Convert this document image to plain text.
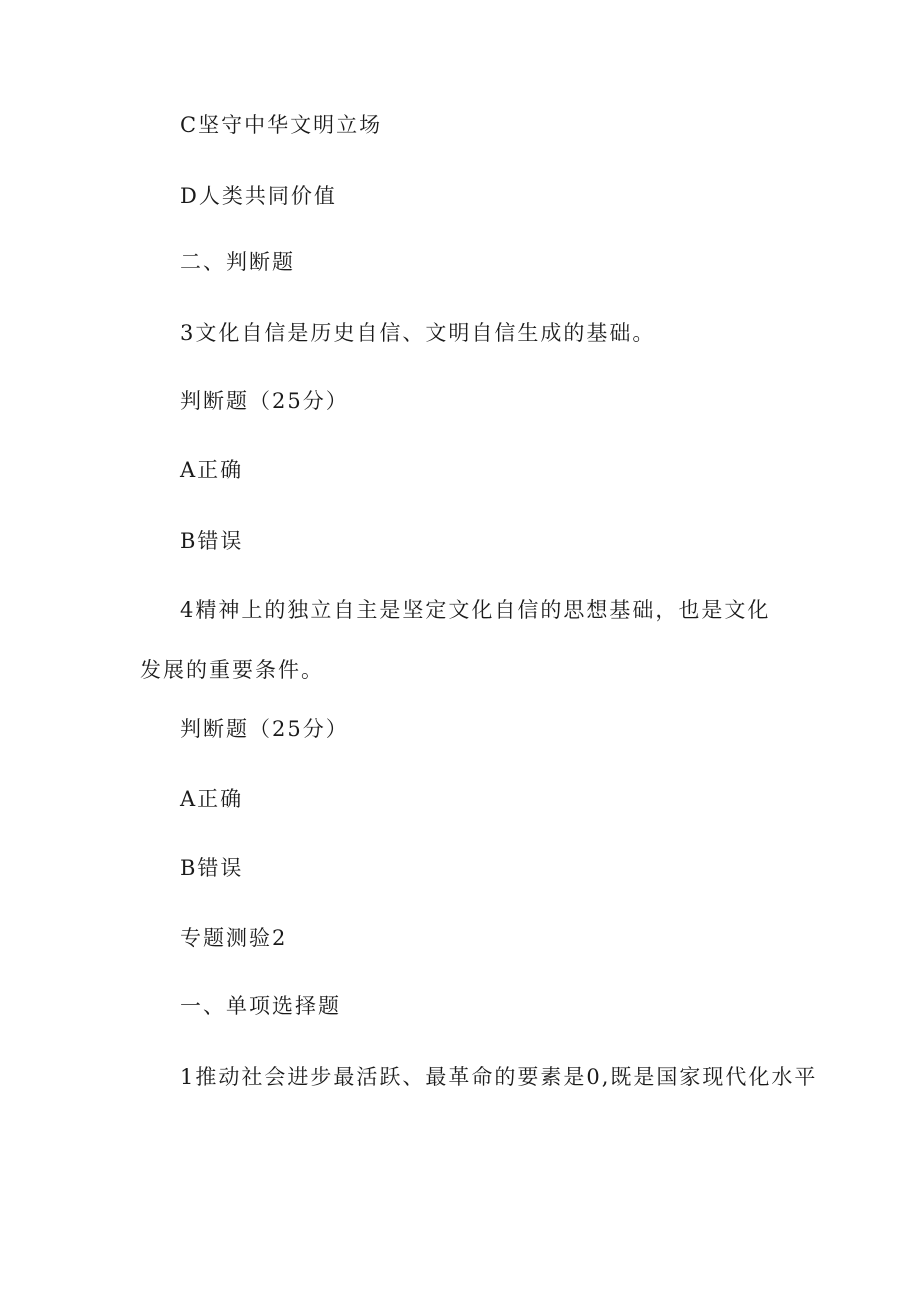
C坚守中华文明立场
D人类共同价值
二、判断题
3文化自信是历史自信、文明自信生成的基础。
判断题（25分）
A正确
B错误
4精神上的独立自主是坚定文化自信的思想基础，也是文化发展的重要条件。
判断题（25分）
A正确
B错误
专题测验2
一、单项选择题
1推动社会进步最活跃、最革命的要素是0,既是国家现代化水平
